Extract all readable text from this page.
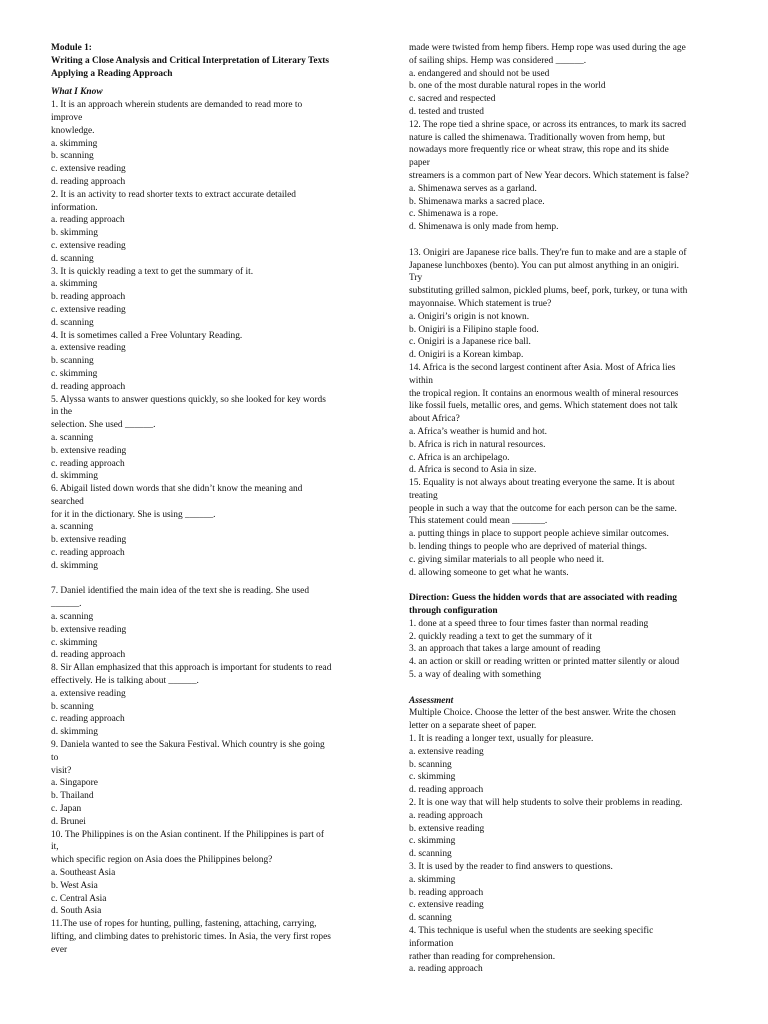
Module 1:
Writing a Close Analysis and Critical Interpretation of Literary Texts
Applying a Reading Approach
What I Know
1. It is an approach wherein students are demanded to read more to
improve
knowledge.
a. skimming
b. scanning
c. extensive reading
d. reading approach
2. It is an activity to read shorter texts to extract accurate detailed
information.
a. reading approach
b. skimming
c. extensive reading
d. scanning
3. It is quickly reading a text to get the summary of it.
a. skimming
b. reading approach
c. extensive reading
d. scanning
4. It is sometimes called a Free Voluntary Reading.
a. extensive reading
b. scanning
c. skimming
d. reading approach
5. Alyssa wants to answer questions quickly, so she looked for key words
in the
selection. She used ______.
a. scanning
b. extensive reading
c. reading approach
d. skimming
6. Abigail listed down words that she didn’t know the meaning and
searched
for it in the dictionary. She is using ______.
a. scanning
b. extensive reading
c. reading approach
d. skimming
7. Daniel identified the main idea of the text she is reading. She used
______.
a. scanning
b. extensive reading
c. skimming
d. reading approach
8. Sir Allan emphasized that this approach is important for students to read
effectively. He is talking about ______.
a. extensive reading
b. scanning
c. reading approach
d. skimming
9. Daniela wanted to see the Sakura Festival. Which country is she going
to
visit?
a. Singapore
b. Thailand
c. Japan
d. Brunei
10. The Philippines is on the Asian continent. If the Philippines is part of
it,
which specific region on Asia does the Philippines belong?
a. Southeast Asia
b. West Asia
c. Central Asia
d. South Asia
11.The use of ropes for hunting, pulling, fastening, attaching, carrying,
lifting, and climbing dates to prehistoric times. In Asia, the very first ropes
ever
made were twisted from hemp fibers. Hemp rope was used during the age
of sailing ships. Hemp was considered ______.
a. endangered and should not be used
b. one of the most durable natural ropes in the world
c. sacred and respected
d. tested and trusted
12. The rope tied a shrine space, or across its entrances, to mark its sacred
nature is called the shimenawa. Traditionally woven from hemp, but
nowadays more frequently rice or wheat straw, this rope and its shide
paper
streamers is a common part of New Year decors. Which statement is false?
a. Shimenawa serves as a garland.
b. Shimenawa marks a sacred place.
c. Shimenawa is a rope.
d. Shimenawa is only made from hemp.
13. Onigiri are Japanese rice balls. They're fun to make and are a staple of
Japanese lunchboxes (bento). You can put almost anything in an onigiri.
Try
substituting grilled salmon, pickled plums, beef, pork, turkey, or tuna with
mayonnaise. Which statement is true?
a. Onigiri’s origin is not known.
b. Onigiri is a Filipino staple food.
c. Onigiri is a Japanese rice ball.
d. Onigiri is a Korean kimbap.
14. Africa is the second largest continent after Asia. Most of Africa lies
within
the tropical region. It contains an enormous wealth of mineral resources
like fossil fuels, metallic ores, and gems. Which statement does not talk
about Africa?
a. Africa’s weather is humid and hot.
b. Africa is rich in natural resources.
c. Africa is an archipelago.
d. Africa is second to Asia in size.
15. Equality is not always about treating everyone the same. It is about
treating
people in such a way that the outcome for each person can be the same.
This statement could mean _______.
a. putting things in place to support people achieve similar outcomes.
b. lending things to people who are deprived of material things.
c. giving similar materials to all people who need it.
d. allowing someone to get what he wants.
Direction: Guess the hidden words that are associated with reading
through configuration
1. done at a speed three to four times faster than normal reading
2. quickly reading a text to get the summary of it
3. an approach that takes a large amount of reading
4. an action or skill or reading written or printed matter silently or aloud
5. a way of dealing with something
Assessment
Multiple Choice. Choose the letter of the best answer. Write the chosen
letter on a separate sheet of paper.
1. It is reading a longer text, usually for pleasure.
a. extensive reading
b. scanning
c. skimming
d. reading approach
2. It is one way that will help students to solve their problems in reading.
a. reading approach
b. extensive reading
c. skimming
d. scanning
3. It is used by the reader to find answers to questions.
a. skimming
b. reading approach
c. extensive reading
d. scanning
4. This technique is useful when the students are seeking specific
information
rather than reading for comprehension.
a. reading approach
